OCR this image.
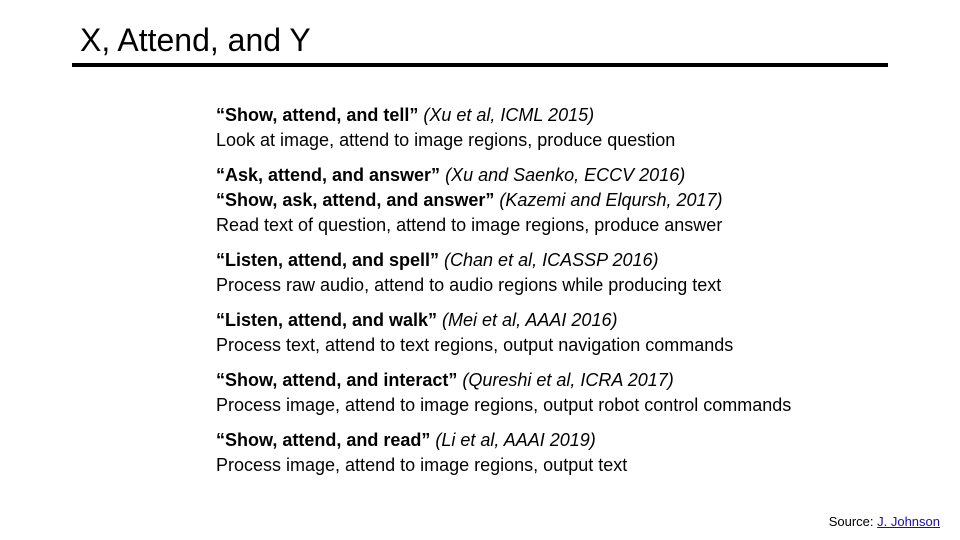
X, Attend, and Y
“Show, attend, and tell” (Xu et al, ICML 2015)
Look at image, attend to image regions, produce question
“Ask, attend, and answer” (Xu and Saenko, ECCV 2016)
“Show, ask, attend, and answer” (Kazemi and Elqursh, 2017)
Read text of question, attend to image regions, produce answer
“Listen, attend, and spell” (Chan et al, ICASSP 2016)
Process raw audio, attend to audio regions while producing text
“Listen, attend, and walk” (Mei et al, AAAI 2016)
Process text, attend to text regions, output navigation commands
“Show, attend, and interact” (Qureshi et al, ICRA 2017)
Process image, attend to image regions, output robot control commands
“Show, attend, and read” (Li et al, AAAI 2019)
Process image, attend to image regions, output text
Source: J. Johnson
